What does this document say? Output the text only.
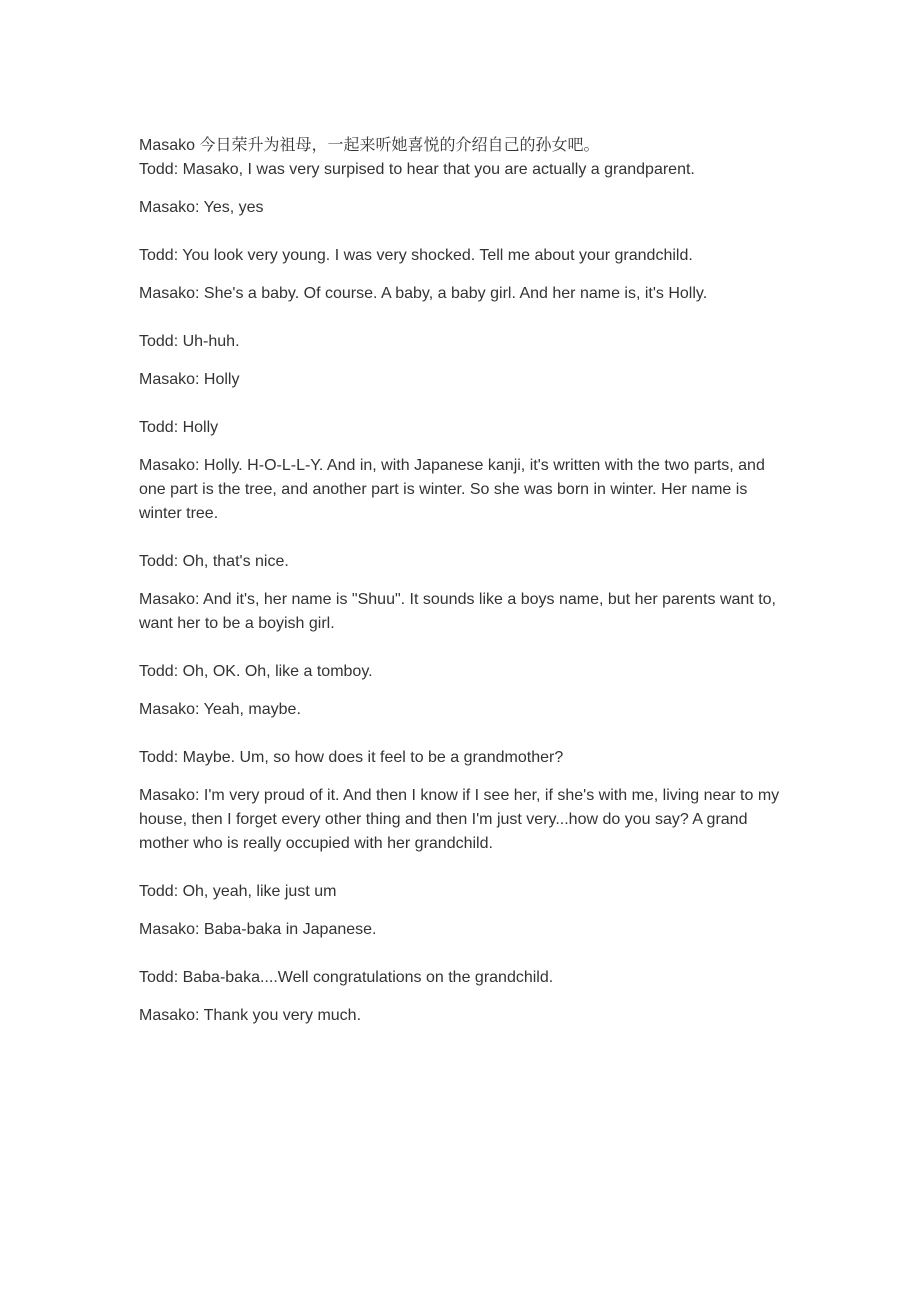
Masako 今日荣升为祖母，一起来听她喜悦的介绍自己的孙女吧。

Todd: Masako, I was very surpised to hear that you are actually a grandparent.

Masako: Yes, yes

Todd: You look very young. I was very shocked. Tell me about your grandchild.

Masako: She's a baby. Of course. A baby, a baby girl. And her name is, it's Holly.

Todd: Uh-huh.

Masako: Holly

Todd: Holly

Masako: Holly. H-O-L-L-Y. And in, with Japanese kanji, it's written with the two parts, and one part is the tree, and another part is winter. So she was born in winter. Her name is winter tree.

Todd: Oh, that's nice.

Masako: And it's, her name is "Shuu". It sounds like a boys name, but her parents want to, want her to be a boyish girl.

Todd: Oh, OK. Oh, like a tomboy.

Masako: Yeah, maybe.

Todd: Maybe. Um, so how does it feel to be a grandmother?

Masako: I'm very proud of it. And then I know if I see her, if she's with me, living near to my house, then I forget every other thing and then I'm just very...how do you say? A grand mother who is really occupied with her grandchild.

Todd: Oh, yeah, like just um

Masako: Baba-baka in Japanese.

Todd: Baba-baka....Well congratulations on the grandchild.

Masako: Thank you very much.
